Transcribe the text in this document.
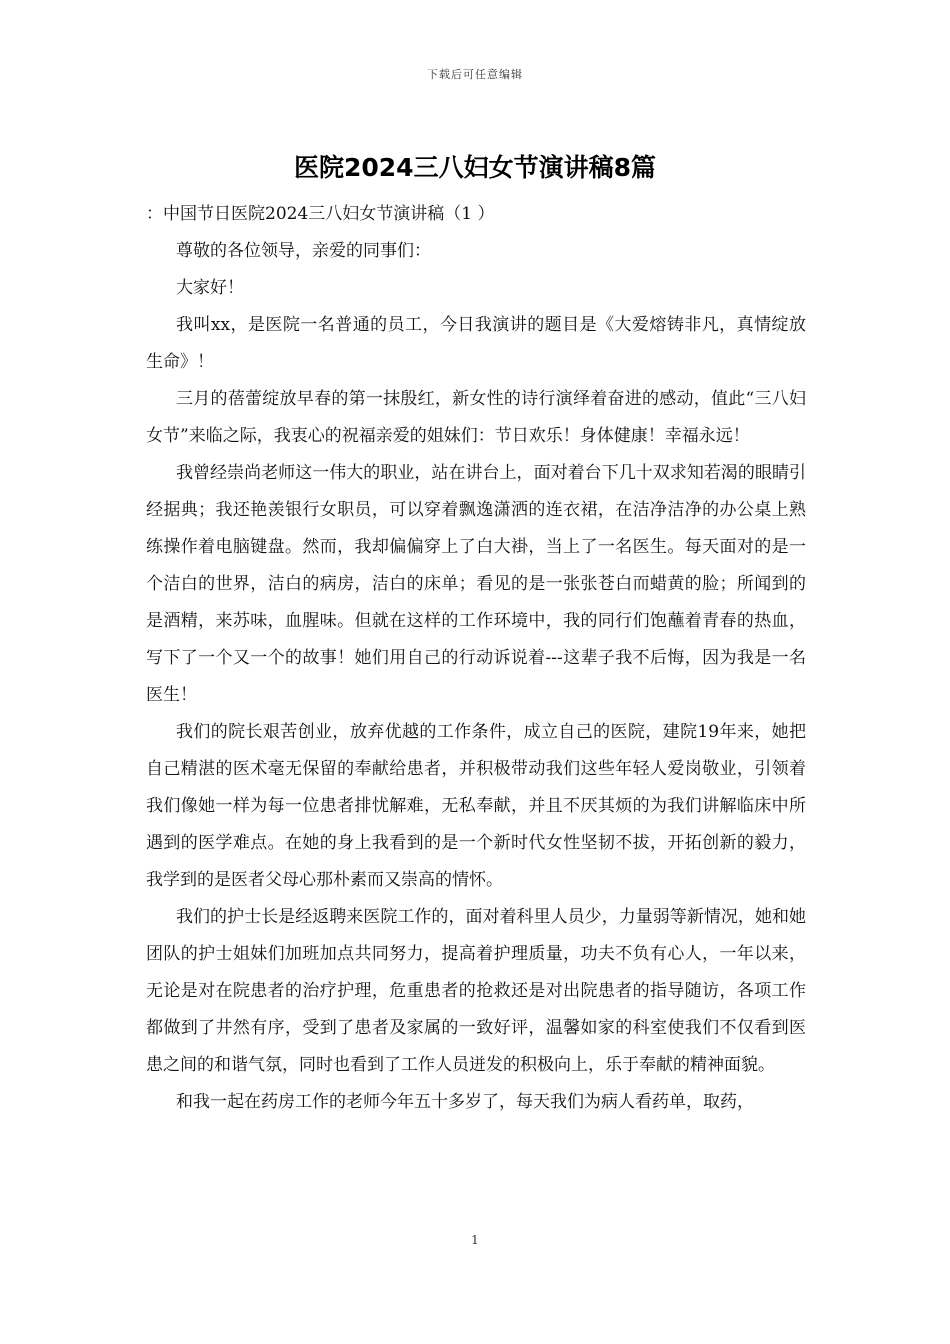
下载后可任意编辑
医院2024三八妇女节演讲稿8篇

：中国节日医院2024三八妇女节演讲稿（1 ）

尊敬的各位领导，亲爱的同事们：

大家好！

我叫xx，是医院一名普通的员工，今日我演讲的题目是《大爱熔铸非凡，真情绽放生命》！

三月的蓓蕾绽放早春的第一抹殷红，新女性的诗行演绎着奋进的感动，值此“三八妇女节”来临之际，我衷心的祝福亲爱的姐妹们：节日欢乐！身体健康！幸福永远！

我曾经崇尚老师这一伟大的职业，站在讲台上，面对着台下几十双求知若渴的眼睛引经据典；我还艳羡银行女职员，可以穿着飘逸潇洒的连衣裙，在洁净洁净的办公桌上熟练操作着电脑键盘。然而，我却偏偏穿上了白大褂，当上了一名医生。每天面对的是一个洁白的世界，洁白的病房，洁白的床单；看见的是一张张苍白而蜡黄的脸；所闻到的是酒精，来苏味，血腥味。但就在这样的工作环境中，我的同行们饱蘸着青春的热血，写下了一个又一个的故事！她们用自己的行动诉说着---这辈子我不后悔，因为我是一名医生！

我们的院长艰苦创业，放弃优越的工作条件，成立自己的医院，建院19年来，她把自己精湛的医术毫无保留的奉献给患者，并积极带动我们这些年轻人爱岗敬业，引领着我们像她一样为每一位患者排忧解难，无私奉献，并且不厌其烦的为我们讲解临床中所遇到的医学难点。在她的身上我看到的是一个新时代女性坚韧不拔，开拓创新的毅力，我学到的是医者父母心那朴素而又崇高的情怀。

我们的护士长是经返聘来医院工作的，面对着科里人员少，力量弱等新情况，她和她团队的护士姐妹们加班加点共同努力，提高着护理质量，功夫不负有心人，一年以来，无论是对在院患者的治疗护理，危重患者的抢救还是对出院患者的指导随访，各项工作都做到了井然有序，受到了患者及家属的一致好评，温馨如家的科室使我们不仅看到医患之间的和谐气氛，同时也看到了工作人员迸发的积极向上，乐于奉献的精神面貌。

和我一起在药房工作的老师今年五十多岁了，每天我们为病人看药单，取药，

1
